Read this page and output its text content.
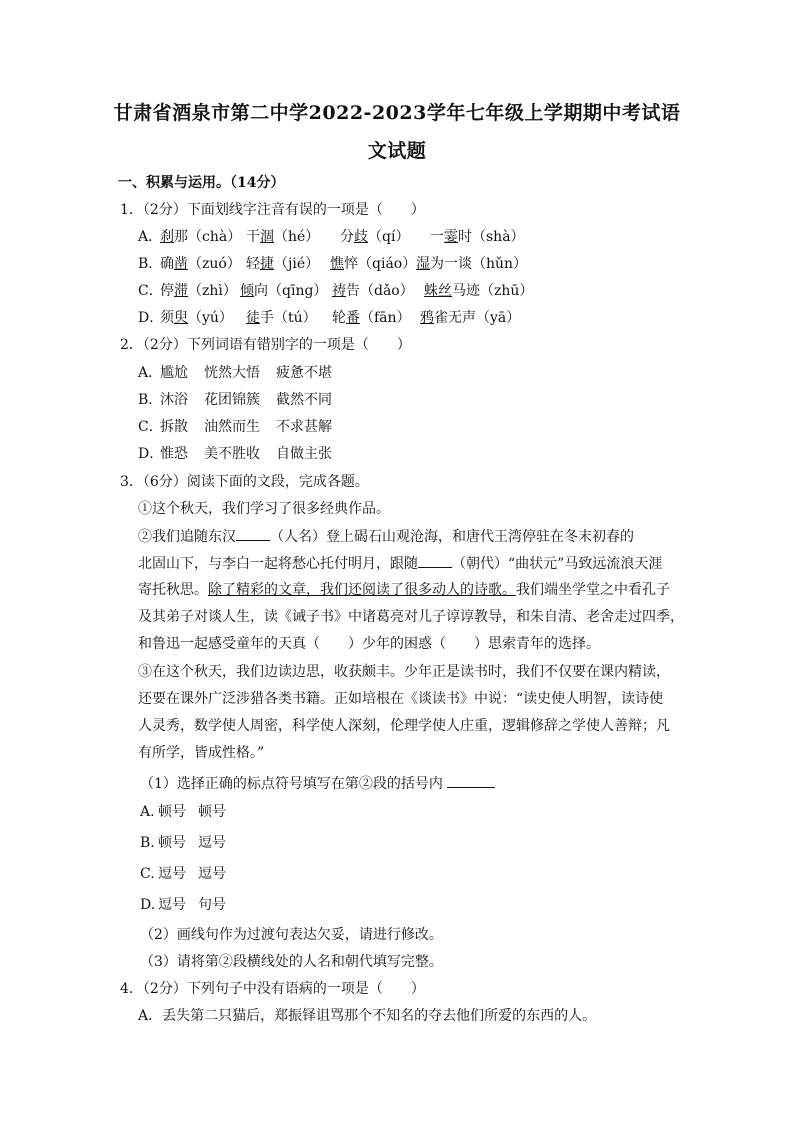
甘肃省酒泉市第二中学2022-2023学年七年级上学期期中考试语
文试题
一、积累与运用。（14分）
1．（2分）下面划线字注音有误的一项是（　　）
A．刹那（chà） 干涸（hé） 分歧（qí） 一霎时（shà）
B．确凿（zuó） 轻捷（jié） 憔悴（qiáo）湿为一谈（hǔn）
C．停滞（zhì） 倾向（qīng） 祷告（dǎo） 蛛丝马迹（zhū）
D．须臾（yú） 徒手（tú） 轮番（fān） 鸦雀无声（yā）
2．（2分）下列词语有错别字的一项是（　　）
A．尴尬 恍然大悟 疲惫不堪
B．沐浴 花团锦簇 截然不同
C．拆散 油然而生 不求甚解
D．惟恐 美不胜收 自做主张
3．（6分）阅读下面的文段，完成各题。
①这个秋天，我们学习了很多经典作品。
②我们追随东汉 （人名）登上碣石山观沧海，和唐代王湾停驻在冬末初春的
北固山下，与李白一起将愁心托付明月，跟随 （朝代）“曲状元”马致远流浪天涯
寄托秋思。除了精彩的文章，我们还阅读了很多动人的诗歌。我们端坐学堂之中看孔子
及其弟子对谈人生，读《诫子书》中诸葛亮对儿子谆谆教导，和朱自清、老舍走过四季，
和鲁迅一起感受童年的天真（　　）少年的困惑（　　）思索青年的选择。
③在这个秋天，我们边读边思，收获颇丰。少年正是读书时，我们不仅要在课内精读，
还要在课外广泛涉猎各类书籍。正如培根在《谈读书》中说：“读史使人明智，读诗使
人灵秀，数学使人周密，科学使人深刻，伦理学使人庄重，逻辑修辞之学使人善辩；凡
有所学，皆成性格。”
（1）选择正确的标点符号填写在第②段的括号内
A. 顿号 顿号
B. 顿号 逗号
C. 逗号 逗号
D. 逗号 句号
（2）画线句作为过渡句表达欠妥，请进行修改。
（3）请将第②段横线处的人名和朝代填写完整。
4．（2分）下列句子中没有语病的一项是（　　）
A．丢失第二只猫后，郑振铎诅骂那个不知名的夺去他们所爱的东西的人。
